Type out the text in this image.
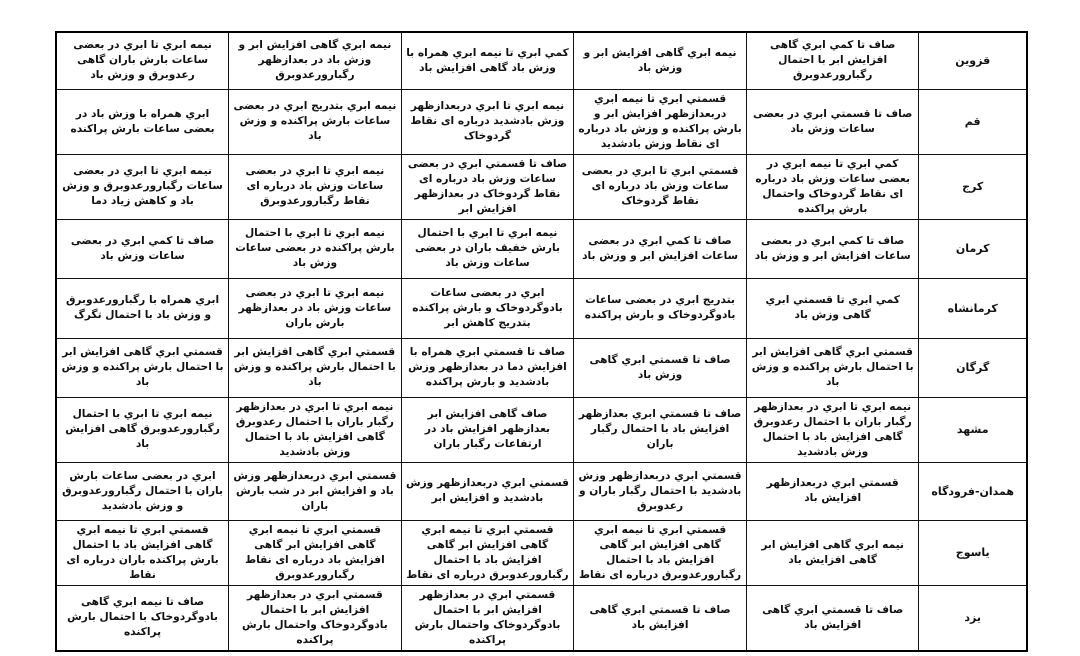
قزوین	صاف تا كمي ابري گاهی افزایش ابر با احتمال رگبارورعدوبرق	نیمه ابري گاهی افزایش ابر و وزش باد	كمي ابري تا نیمه ابري همراه با وزش باد گاهی افزایش باد	نیمه ابري گاهی افزایش ابر و وزش باد در بعدازظهر رگبارورعدوبرق	نیمه ابري تا ابري در بعضی ساعات بارش باران گاهی رعدوبرق و وزش باد
قم	صاف تا قسمتي ابري در بعضی ساعات وزش باد	قسمتي ابري تا نیمه ابري دربعدازظهر افزایش ابر و بارش پراكنده و وزش باد درباره ای نقاط وزش بادشدید	نیمه ابري تا ابري دربعدازظهر وزش بادشدید درباره ای نقاط گردوخاک	نیمه ابري بتدریج ابري در بعضی ساعات بارش پراكنده و وزش باد	ابري همراه با وزش باد در بعضی ساعات بارش پراكنده
كرج	كمي ابري تا نیمه ابري در بعضی ساعات وزش باد درباره ای نقاط گردوخاک واحتمال بارش پراكنده	قسمتي ابري تا ابري در بعضی ساعات وزش باد درباره ای نقاط گردوخاک	صاف تا قسمتي ابري در بعضی ساعات وزش باد درباره ای نقاط گردوخاک در بعدازظهر افزایش ابر	نیمه ابري تا ابري در بعضی ساعات وزش باد درباره ای نقاط رگبارورعدوبرق	نیمه ابري تا ابري در بعضی ساعات رگبارورعدوبرق و وزش باد و كاهش زیاد دما
كرمان	صاف تا كمي ابري در بعضی ساعات افزایش ابر و وزش باد	صاف تا كمي ابري در بعضی ساعات افزایش ابر و وزش باد	نیمه ابري تا ابري با احتمال بارش خفیف باران در بعضی ساعات وزش باد	نیمه ابري تا ابري با احتمال بارش پراكنده در بعضی ساعات وزش باد	صاف تا كمي ابري در بعضی ساعات وزش باد
كرمانشاه	كمي ابري تا قسمتي ابري گاهی وزش باد	بتدریج ابري در بعضی ساعات بادوگردوخاک و بارش پراكنده	ابري در بعضی ساعات بادوگردوخاک و بارش پراكنده بتدریج كاهش ابر	نیمه ابري تا ابري در بعضی ساعات وزش باد در بعدازظهر بارش باران	ابري همراه با رگبارورعدوبرق و وزش باد با احتمال تگرگ
گرگان	قسمتي ابري گاهی افزایش ابر با احتمال بارش پراكنده و وزش باد	صاف تا قسمتي ابري گاهی وزش باد	صاف تا قسمتي ابري همراه با افزایش دما در بعدازظهر وزش بادشدید و بارش پراكنده	قسمتي ابري گاهی افزایش ابر با احتمال بارش پراكنده و وزش باد	قسمتي ابري گاهی افزایش ابر با احتمال بارش پراكنده و وزش باد
مشهد	نیمه ابري تا ابري در بعدازظهر رگبار باران با احتمال رعدوبرق گاهی افزایش باد با احتمال وزش بادشدید	صاف تا قسمتي ابري بعدازظهر افزایش باد با احتمال رگبار باران	صاف گاهی افزایش ابر بعدازظهر افزایش باد در ارتفاعات رگبار باران	نیمه ابري تا ابري در بعدازظهر رگبار باران با احتمال رعدوبرق گاهی افزایش باد با احتمال وزش بادشدید	نیمه ابري تا ابري با احتمال رگبارورعدوبرق گاهی افزایش باد
همدان-فرودگاه	قسمتي ابري دربعدازظهر افزایش باد	قسمتي ابري دربعدازظهر وزش بادشدید با احتمال رگبار باران و رعدوبرق	قسمتي ابري دربعدازظهر وزش بادشدید و افزایش ابر	قسمتي ابري دربعدازظهر وزش باد و افزایش ابر در شب بارش باران	ابري در بعضی ساعات بارش باران با احتمال رگبارورعدوبرق و وزش بادشدید
یاسوج	نیمه ابري گاهی افزایش ابر گاهی افزایش باد	قسمتي ابري تا نیمه ابري گاهی افزایش ابر گاهی افزایش باد با احتمال رگبارورعدوبرق درباره ای نقاط	قسمتي ابري تا نیمه ابري گاهی افزایش ابر گاهی افزایش باد با احتمال رگبارورعدوبرق درباره ای نقاط	قسمتي ابري تا نیمه ابري گاهی افزایش ابر گاهی افزایش باد درباره ای نقاط رگبارورعدوبرق	قسمتي ابري تا نیمه ابري گاهی افزایش باد با احتمال بارش پراكنده باران درباره ای نقاط
یزد	صاف تا قسمتي ابري گاهی افزایش باد	صاف تا قسمتي ابري گاهی افزایش باد	قسمتي ابري در بعدازظهر افزایش ابر با احتمال بادوگردوخاک واحتمال بارش پراكنده	قسمتي ابري در بعدازظهر افزایش ابر با احتمال بادوگردوخاک واحتمال بارش پراكنده	صاف تا نیمه ابري گاهی بادوگردوخاک با احتمال بارش پراكنده
